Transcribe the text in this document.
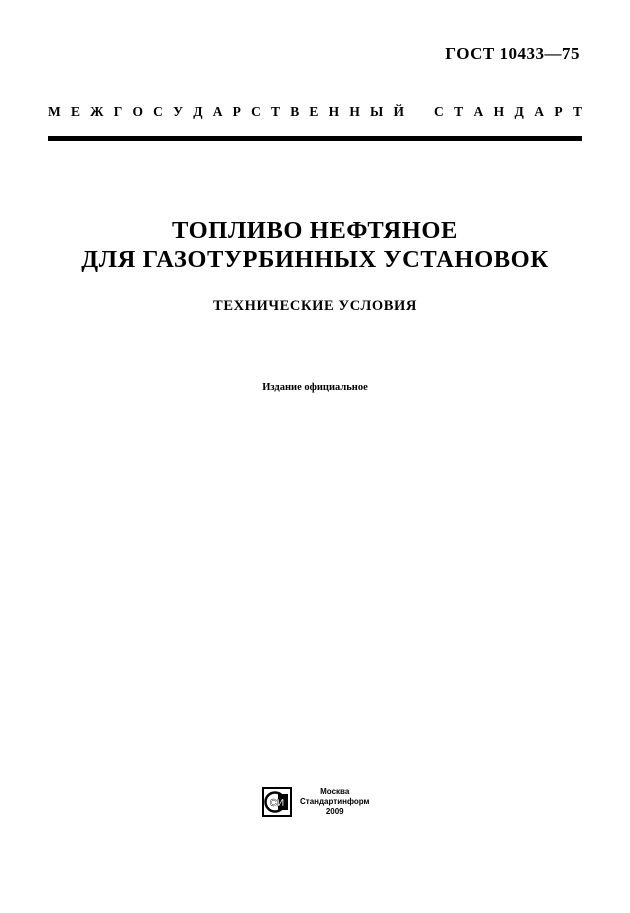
ГОСТ 10433—75
М Е Ж Г О С У Д А Р С Т В Е Н Н Ы Й С Т А Н Д А Р Т
ТОПЛИВО НЕФТЯНОЕ
ДЛЯ ГАЗОТУРБИННЫХ УСТАНОВОК
ТЕХНИЧЕСКИЕ УСЛОВИЯ
Издание официальное
СИ
Москва
Стандартинформ
2009
